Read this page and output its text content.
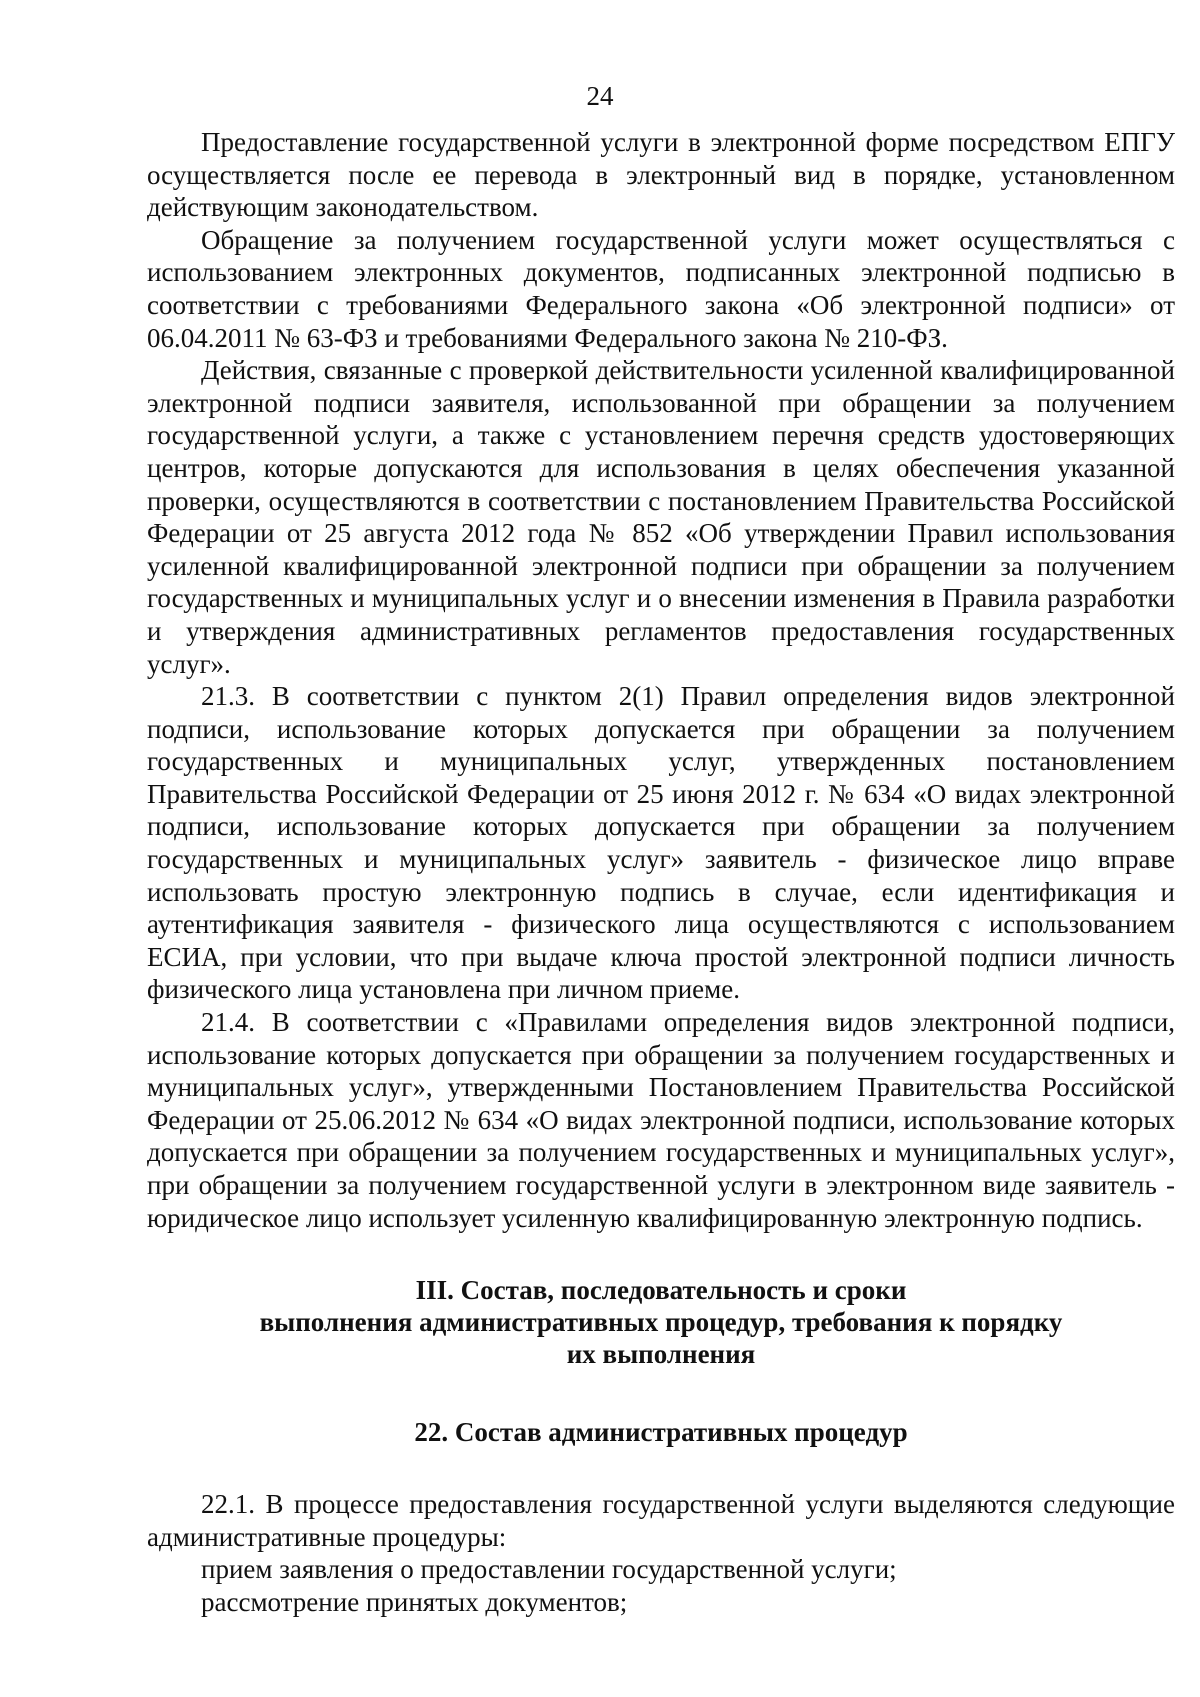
24

Предоставление государственной услуги в электронной форме посредством ЕПГУ осуществляется после ее перевода в электронный вид в порядке, установленном действующим законодательством.

Обращение за получением государственной услуги может осуществляться с использованием электронных документов, подписанных электронной подписью в соответствии с требованиями Федерального закона «Об электронной подписи» от 06.04.2011 № 63-ФЗ и требованиями Федерального закона № 210-ФЗ.

Действия, связанные с проверкой действительности усиленной квалифицированной электронной подписи заявителя, использованной при обращении за получением государственной услуги, а также с установлением перечня средств удостоверяющих центров, которые допускаются для использования в целях обеспечения указанной проверки, осуществляются в соответствии с постановлением Правительства Российской Федерации от 25 августа 2012 года № 852 «Об утверждении Правил использования усиленной квалифицированной электронной подписи при обращении за получением государственных и муниципальных услуг и о внесении изменения в Правила разработки и утверждения административных регламентов предоставления государственных услуг».

21.3. В соответствии с пунктом 2(1) Правил определения видов электронной подписи, использование которых допускается при обращении за получением государственных и муниципальных услуг, утвержденных постановлением Правительства Российской Федерации от 25 июня 2012 г. № 634 «О видах электронной подписи, использование которых допускается при обращении за получением государственных и муниципальных услуг» заявитель - физическое лицо вправе использовать простую электронную подпись в случае, если идентификация и аутентификация заявителя - физического лица осуществляются с использованием ЕСИА, при условии, что при выдаче ключа простой электронной подписи личность физического лица установлена при личном приеме.

21.4. В соответствии с «Правилами определения видов электронной подписи, использование которых допускается при обращении за получением государственных и муниципальных услуг», утвержденными Постановлением Правительства Российской Федерации от 25.06.2012 № 634 «О видах электронной подписи, использование которых допускается при обращении за получением государственных и муниципальных услуг», при обращении за получением государственной услуги в электронном виде заявитель - юридическое лицо использует усиленную квалифицированную электронную подпись.

III. Состав, последовательность и сроки
выполнения административных процедур, требования к порядку
их выполнения
22. Состав административных процедур

22.1. В процессе предоставления государственной услуги выделяются следующие административные процедуры:

прием заявления о предоставлении государственной услуги;

рассмотрение принятых документов;
